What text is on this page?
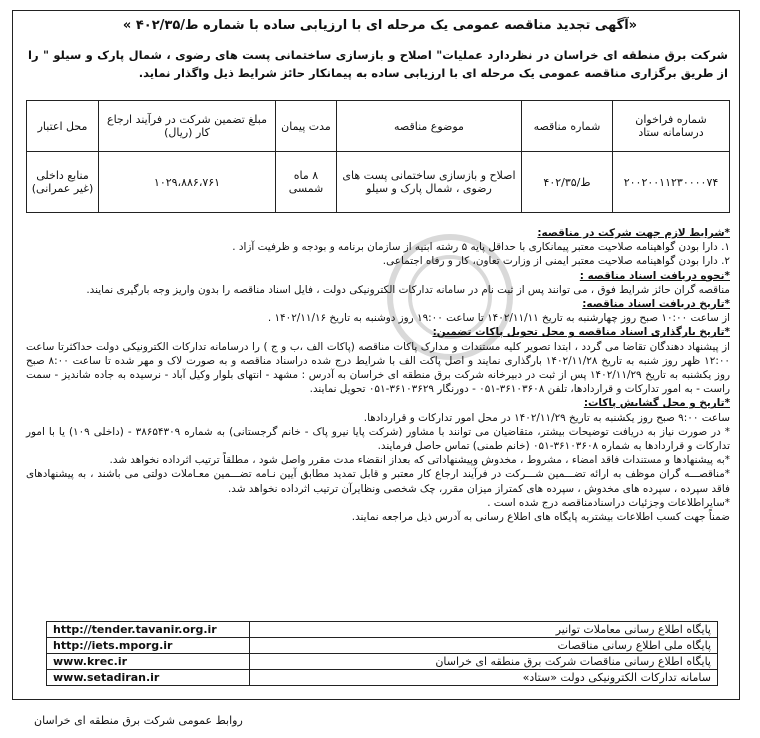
«آگهی تجدید مناقصه عمومی یک مرحله ای با ارزیابی ساده با شماره ط/۴۰۲/۳۵ »
شرکت برق منطقه ای خراسان در نظردارد عملیات" اصلاح و بازسازی ساختمانی پست های رضوی ، شمال پارک و سیلو " را از طریق برگزاری مناقصه عمومی یک مرحله ای با ارزیابی ساده به پیمانکار حائز شرایط ذیل واگذار نماید.
شماره فراخوان درسامانه ستاد	شماره مناقصه	موضوع مناقصه	مدت پیمان	مبلغ تضمین شرکت در فرآیند ارجاع کار (ریال)	محل اعتبار
۲۰۰۲۰۰۱۱۲۳۰۰۰۰۷۴	ط/۴۰۲/۳۵	اصلاح و بازسازی ساختمانی پست های رضوی ، شمال پارک و سیلو	۸ ماه شمسی	۱۰۲۹،۸۸۶،۷۶۱	منابع داخلی (غیر عمرانی)

*شرایط لازم جهت شرکت در مناقصه:

۱. دارا بودن گواهینامه صلاحیت معتبر پیمانکاری با حداقل پایه ۵ رشته ابنیه از سازمان برنامه و بودجه و ظرفیت آزاد .

۲. دارا بودن گواهینامه صلاحیت معتبر ایمنی از وزارت تعاون، کار و رفاه اجتماعی.

*نحوه دریافت اسناد مناقصه :

مناقصه گران حائز شرایط فوق ، می توانند پس از ثبت نام در سامانه تدارکات الکترونیکی دولت ، فایل اسناد مناقصه را بدون واریز وجه بارگیری نمایند.

*تاریخ دریافت اسناد مناقصه:

از ساعت ۱۰:۰۰ صبح روز چهارشنبه به تاریخ ۱۴۰۲/۱۱/۱۱ تا ساعت ۱۹:۰۰ روز دوشنبه به تاریخ ۱۴۰۲/۱۱/۱۶ .

*تاریخ بارگذاری اسناد مناقصه و محل تحویل پاکات تضمین:

از پیشنهاد دهندگان تقاضا می گردد ، ابتدا تصویر کلیه مستندات و مدارک پاکات مناقصه (پاکات الف ،ب و ج ) را درسامانه تدارکات الکترونیکی دولت حداکثرتا ساعت ۱۲:۰۰ ظهر روز شنبه به تاریخ ۱۴۰۲/۱۱/۲۸ بارگذاری نمایند و اصل پاکت الف با شرایط درج شده دراسناد مناقصه و به صورت لاک و مهر شده تا ساعت ۸:۰۰ صبح روز یکشنبه به تاریخ ۱۴۰۲/۱۱/۲۹ پس از ثبت در دبیرخانه شرکت برق منطقه ای خراسان به آدرس : مشهد - انتهای بلوار وکیل آباد - نرسیده به جاده شاندیز - سمت راست - به امور تدارکات و قراردادها، تلفن ۳۶۱۰۳۶۰۸-۰۵۱ - دورنگار ۳۶۱۰۳۶۲۹-۰۵۱ تحویل نمایند.

*تاریخ و محل گشایش پاکات:

ساعت ۹:۰۰ صبح روز یکشنبه به تاریخ ۱۴۰۲/۱۱/۲۹ در محل امور تدارکات و قراردادها.

* در صورت نیاز به دریافت توضیحات بیشتر، متقاضیان می توانند با مشاور (شرکت پایا نیرو پاک - خانم گرجستانی) به شماره ۳۸۶۵۴۳۰۹ - (داخلی ۱۰۹) یا با امور تدارکات و قراردادها به شماره ۳۶۱۰۳۶۰۸-۰۵۱ (خانم طمنی) تماس حاصل فرمایند.

*به پیشنهادها و مستندات فاقد امضاء ، مشروط ، مخدوش وپیشنهاداتی که بعداز انقضاء مدت مقرر واصل شود ، مطلقاً ترتیب اثرداده نخواهد شد.

*مناقصـــه گران موظف به ارائه تضـــمین شـــرکت در فرآیند ارجاع کار معتبر و قابل تمدید مطابق آیین نـامه تضـــمین معـاملات دولتی می باشند ، به پیشنهادهای فاقد سپرده ، سپرده های مخدوش ، سپرده های کمتراز میزان مقرر، چک شخصی ونظایرآن ترتیب اثرداده نخواهد شد.

*سایراطلاعات وجزئیات دراسنادمناقصه درج شده است .

ضمناً جهت کسب اطلاعات بیشتربه پایگاه های اطلاع رسانی به آدرس ذیل مراجعه نمایند.

http://tender.tavanir.org.ir	پایگاه اطلاع رسانی معاملات توانیر
http://iets.mporg.ir	پایگاه ملی اطلاع رسانی مناقصات
www.krec.ir	پایگاه اطلاع رسانی مناقصات شرکت برق منطقه ای خراسان
www.setadiran.ir	سامانه تدارکات الکترونیکی دولت «ستاد»
روابط عمومی شرکت برق منطقه ای خراسان
